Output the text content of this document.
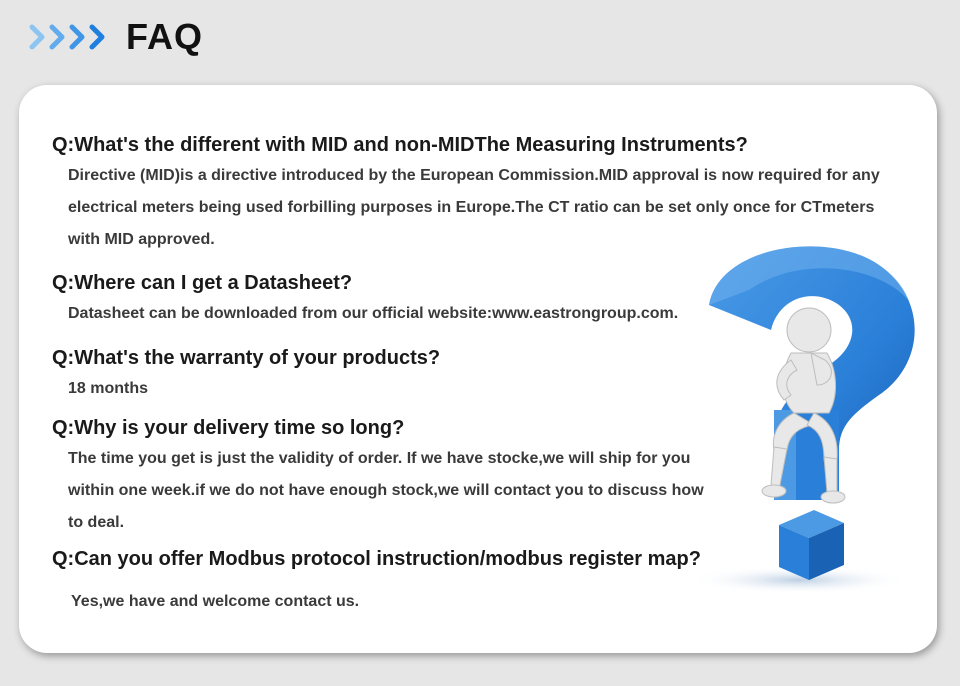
FAQ
Q:What's the different with MID and non-MIDThe Measuring Instruments?
Directive (MID)is a directive introduced by the European Commission.MID approval is now required for any electrical meters being used forbilling purposes in Europe.The CT ratio can be set only once for CTmeters with MID approved.
Q:Where can I get a Datasheet?
Datasheet can be downloaded from our official website:www.eastrongroup.com.
Q:What's the warranty of your products?
18 months
Q:Why is your delivery time so long?
The time you get is just the validity of order. If we have stocke,we will ship for you within one week.if we do not have enough stock,we will contact you to discuss how to deal.
Q:Can you offer Modbus protocol instruction/modbus register map?
Yes,we have and welcome contact us.
